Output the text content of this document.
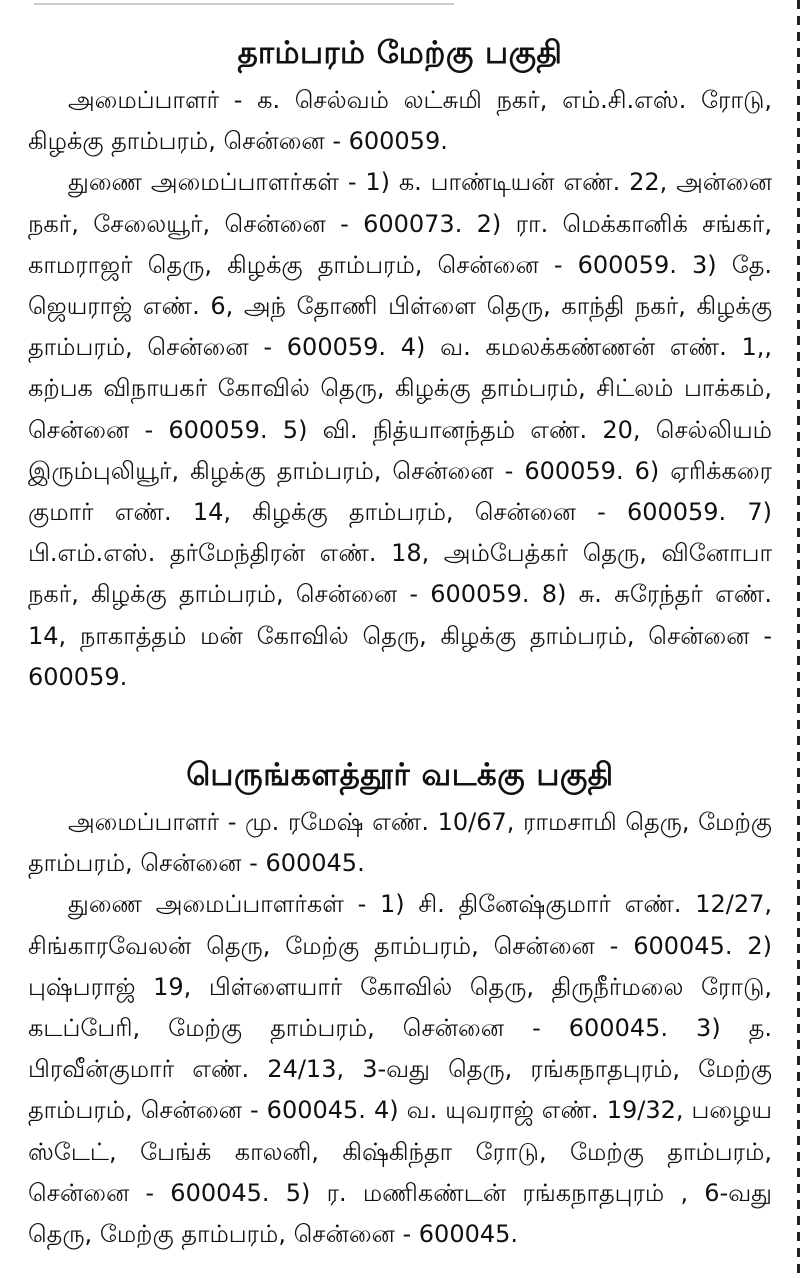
தாம்பரம் மேற்கு பகுதி

அமைப்பாளர் - க. செல்வம் லட்சுமி நகர், எம்.சி.எஸ். ரோடு, கிழக்கு தாம்பரம், சென்னை - 600059.

துணை அமைப்பாளர்கள் - 1) க. பாண்டியன் எண். 22, அன்னை நகர், சேலையூர், சென்னை - 600073. 2) ரா. மெக்கானிக் சங்கர், காமராஜர் தெரு, கிழக்கு தாம்பரம், சென்னை - 600059. 3) தே. ஜெயராஜ் எண். 6, அந் தோணி பிள்ளை தெரு, காந்தி நகர், கிழக்கு தாம்பரம், சென்னை - 600059. 4) வ. கமலக்கண்ணன் எண். 1,, கற்பக விநாயகர் கோவில் தெரு, கிழக்கு தாம்பரம், சிட்லம் பாக்கம், சென்னை - 600059. 5) வி. நித்யானந்தம் எண். 20, செல்லியம் இரும்புலியூர், கிழக்கு தாம்பரம், சென்னை - 600059. 6) ஏரிக்கரை குமார் எண். 14, கிழக்கு தாம்பரம், சென்னை - 600059. 7) பி.எம்.எஸ். தர்மேந்திரன் எண். 18, அம்பேத்கர் தெரு, வினோபா நகர், கிழக்கு தாம்பரம், சென்னை - 600059. 8) சு. சுரேந்தர் எண். 14, நாகாத்தம் மன் கோவில் தெரு, கிழக்கு தாம்பரம், சென்னை - 600059.

பெருங்களத்தூர் வடக்கு பகுதி

அமைப்பாளர் - மு. ரமேஷ் எண். 10/67, ராமசாமி தெரு, மேற்கு தாம்பரம், சென்னை - 600045.

துணை அமைப்பாளர்கள் - 1) சி. தினேஷ்குமார் எண். 12/27, சிங்காரவேலன் தெரு, மேற்கு தாம்பரம், சென்னை - 600045. 2) புஷ்பராஜ் 19, பிள்ளையார் கோவில் தெரு, திருநீர்மலை ரோடு, கடப்பேரி, மேற்கு தாம்பரம், சென்னை - 600045. 3) த. பிரவீன்குமார் எண். 24/13, 3-வது தெரு, ரங்கநாதபுரம், மேற்கு தாம்பரம், சென்னை - 600045. 4) வ. யுவராஜ் எண். 19/32, பழைய ஸ்டேட், பேங்க் காலனி, கிஷ்கிந்தா ரோடு, மேற்கு தாம்பரம், சென்னை - 600045. 5) ர. மணிகண்டன் ரங்கநாதபுரம் , 6-வது தெரு, மேற்கு தாம்பரம், சென்னை - 600045.
